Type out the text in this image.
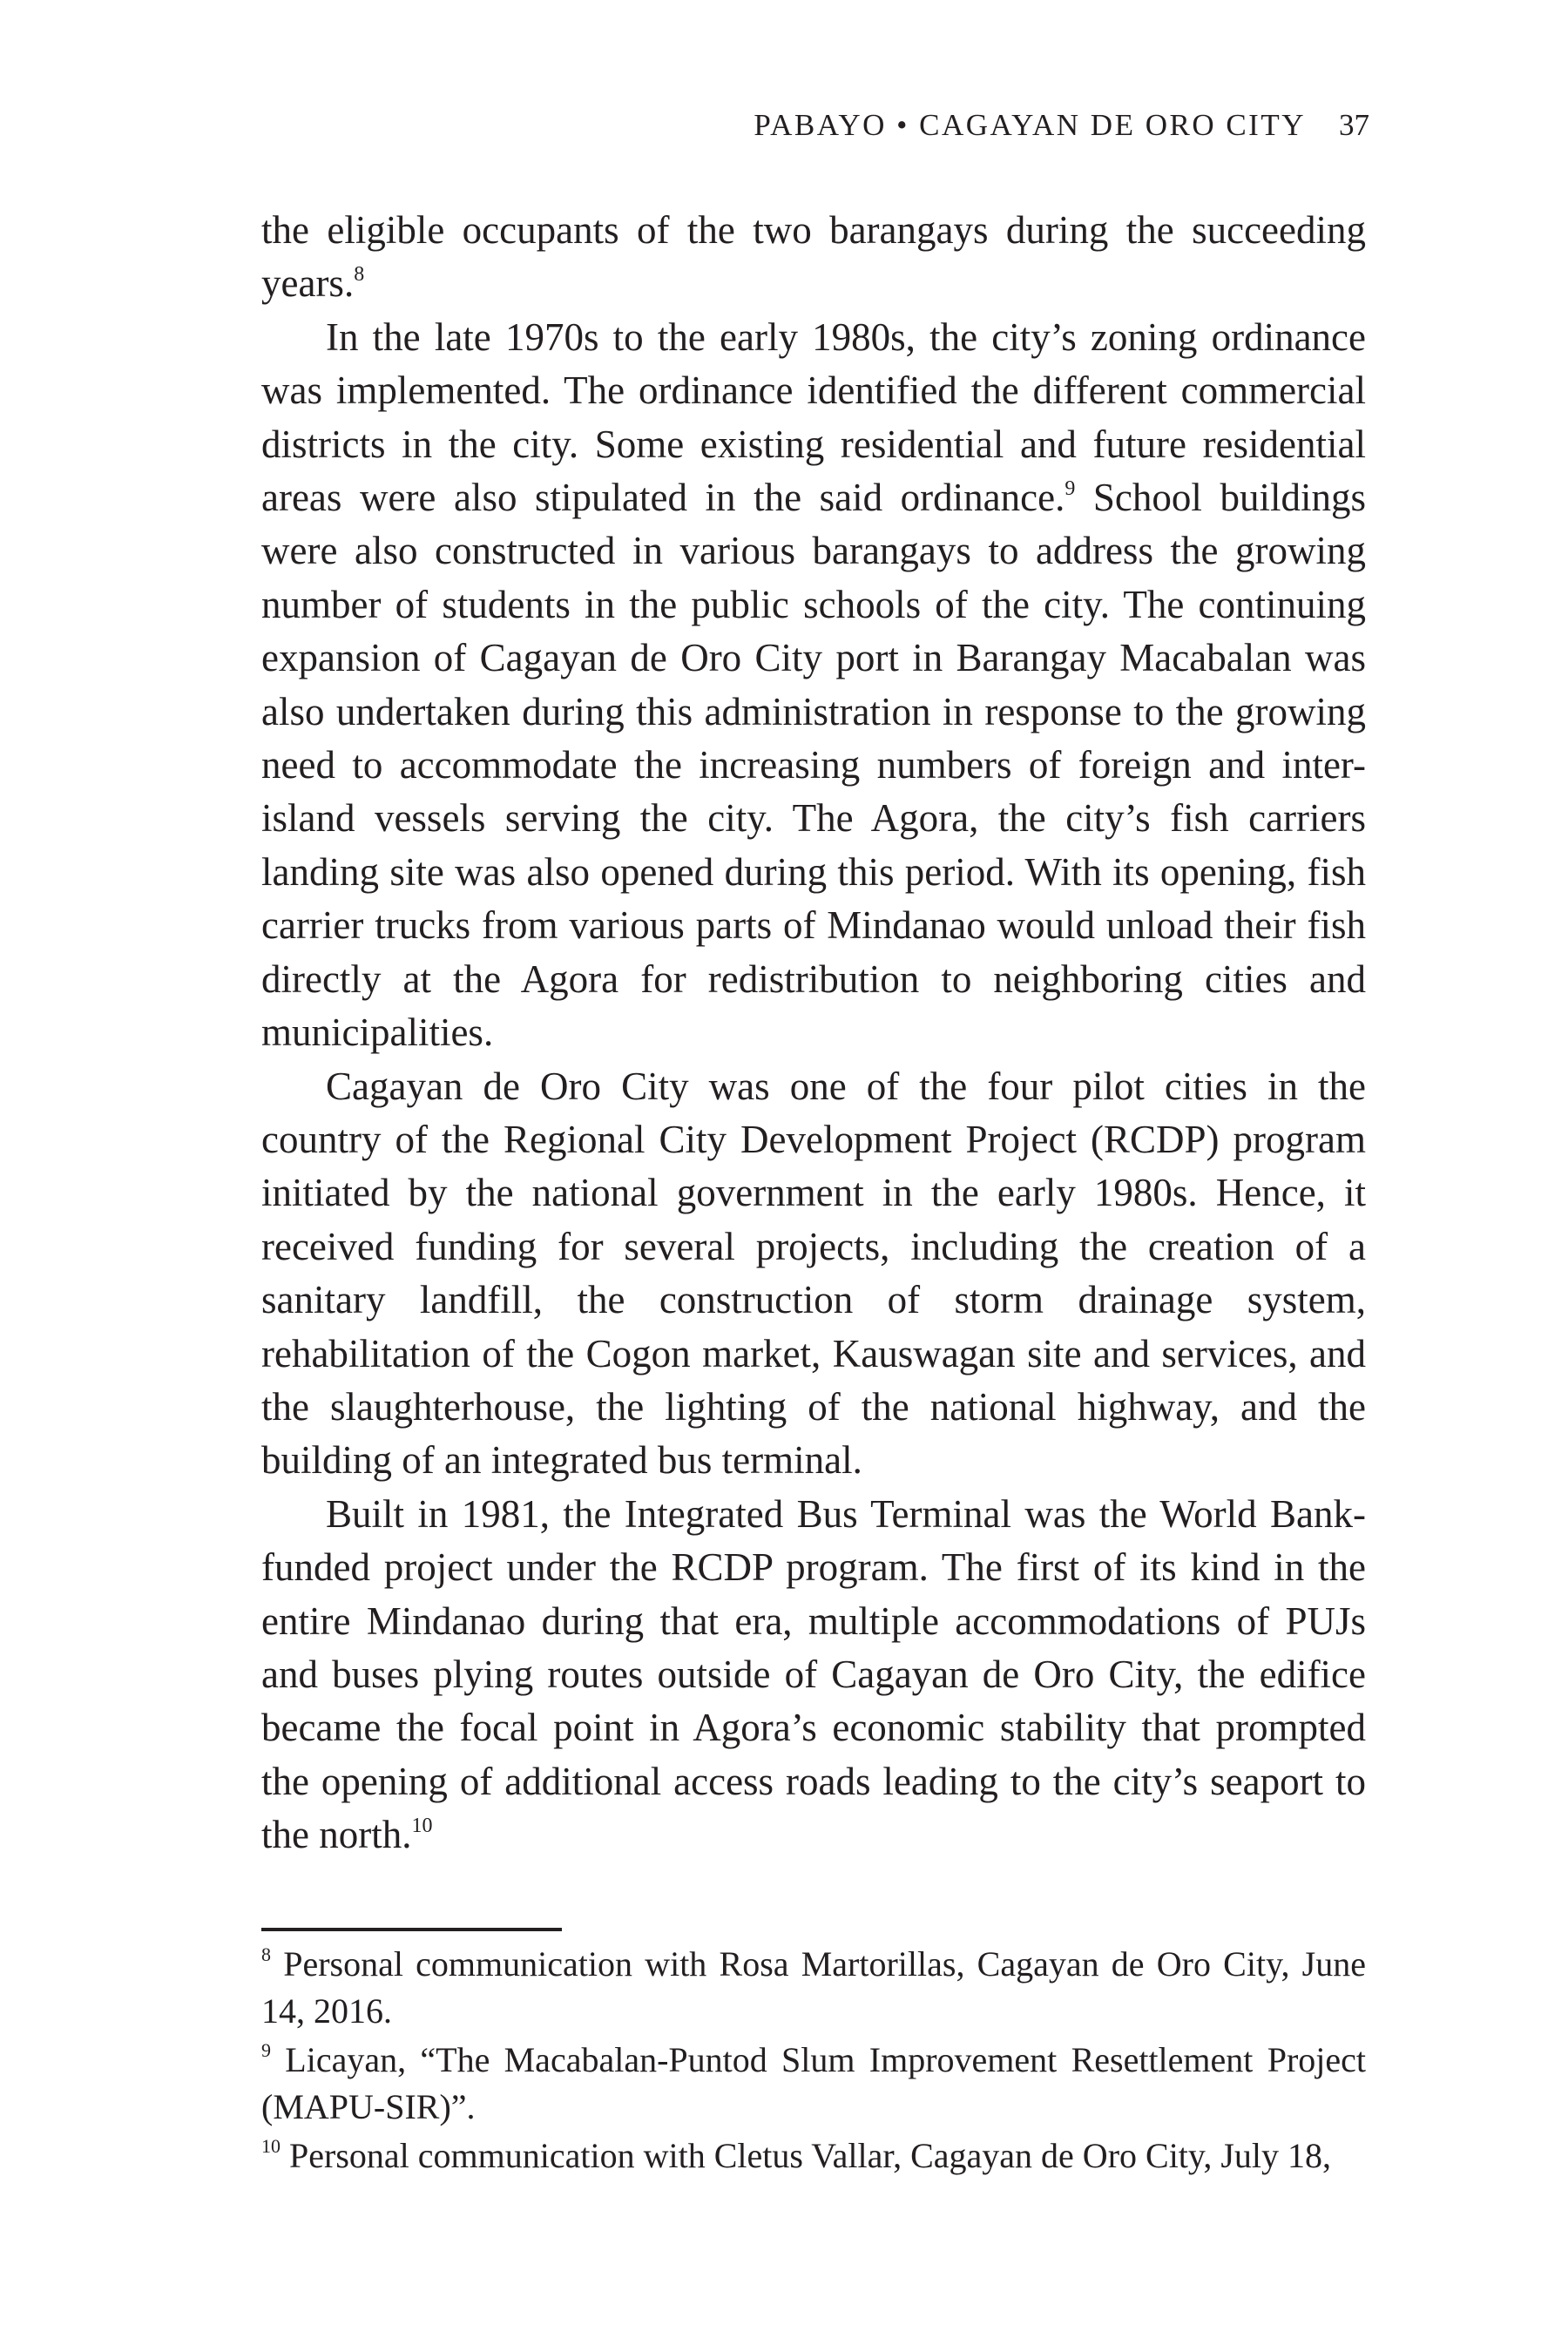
PABAYO • CAGAYAN DE ORO CITY 37

the eligible occupants of the two barangays during the succeeding years.$^8$

In the late 1970s to the early 1980s, the city’s zoning ordinance was implemented. The ordinance identified the different commercial districts in the city. Some existing residential and future residential areas were also stipulated in the said ordinance.$^9$ School buildings were also constructed in various barangays to address the growing number of students in the public schools of the city. The continuing expansion of Cagayan de Oro City port in Barangay Macabalan was also undertaken during this administration in response to the growing need to accommodate the increasing numbers of foreign and inter-island vessels serving the city. The Agora, the city’s fish carriers landing site was also opened during this period. With its opening, fish carrier trucks from various parts of Mindanao would unload their fish directly at the Agora for redistribution to neighboring cities and municipalities.

Cagayan de Oro City was one of the four pilot cities in the country of the Regional City Development Project (RCDP) program initiated by the national government in the early 1980s. Hence, it received funding for several projects, including the creation of a sanitary landfill, the construction of storm drainage system, rehabilitation of the Cogon market, Kauswagan site and services, and the slaughterhouse, the lighting of the national highway, and the building of an integrated bus terminal.

Built in 1981, the Integrated Bus Terminal was the World Bank-funded project under the RCDP program. The first of its kind in the entire Mindanao during that era, multiple accommodations of PUJs and buses plying routes outside of Cagayan de Oro City, the edifice became the focal point in Agora’s economic stability that prompted the opening of additional access roads leading to the city’s seaport to the north.$^{10}$

$^8$ Personal communication with Rosa Martorillas, Cagayan de Oro City, June 14, 2016.

$^9$ Licayan, “The Macabalan-Puntod Slum Improvement Resettlement Project (MAPU-SIR)”.

$^{10}$ Personal communication with Cletus Vallar, Cagayan de Oro City, July 18,
